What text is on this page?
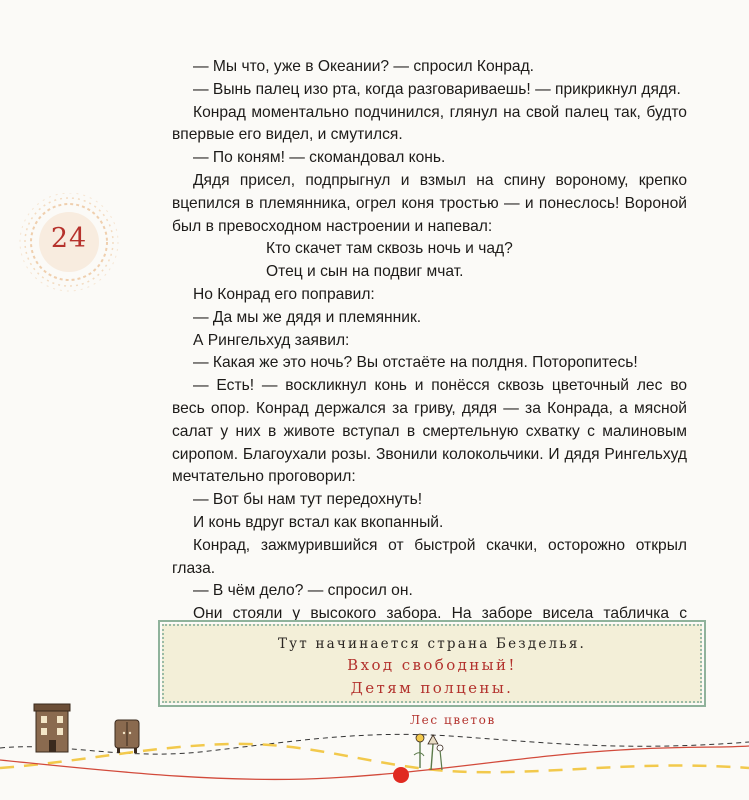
24

— Мы что, уже в Океании? — спросил Конрад.

— Вынь палец изо рта, когда разговариваешь! — прикрикнул дядя.

Конрад моментально подчинился, глянул на свой палец так, будто впервые его видел, и смутился.

— По коням! — скомандовал конь.

Дядя присел, подпрыгнул и взмыл на спину вороному, крепко вцепился в племянника, огрел коня тростью — и понеслось! Вороной был в превосходном настроении и напевал:

Кто скачет там сквозь ночь и чад?

Отец и сын на подвиг мчат.

Но Конрад его поправил:

— Да мы же дядя и племянник.

А Рингельхуд заявил:

— Какая же это ночь? Вы отстаёте на полдня. Поторопитесь!

— Есть! — воскликнул конь и понёсся сквозь цветочный лес во весь опор. Конрад держался за гриву, дядя — за Конрада, а мясной салат у них в животе вступал в смертельную схватку с малиновым сиропом. Благоухали розы. Звонили колокольчики. И дядя Рингельхуд мечтательно проговорил:

— Вот бы нам тут передохнуть!

И конь вдруг встал как вкопанный.

Конрад, зажмурившийся от быстрой скачки, осторожно открыл глаза.

— В чём дело? — спросил он.

Они стояли у высокого забора. На заборе висела табличка с

Тут начинается страна Безделья.
Вход свободный!
Детям полцены.
Лес цветов
